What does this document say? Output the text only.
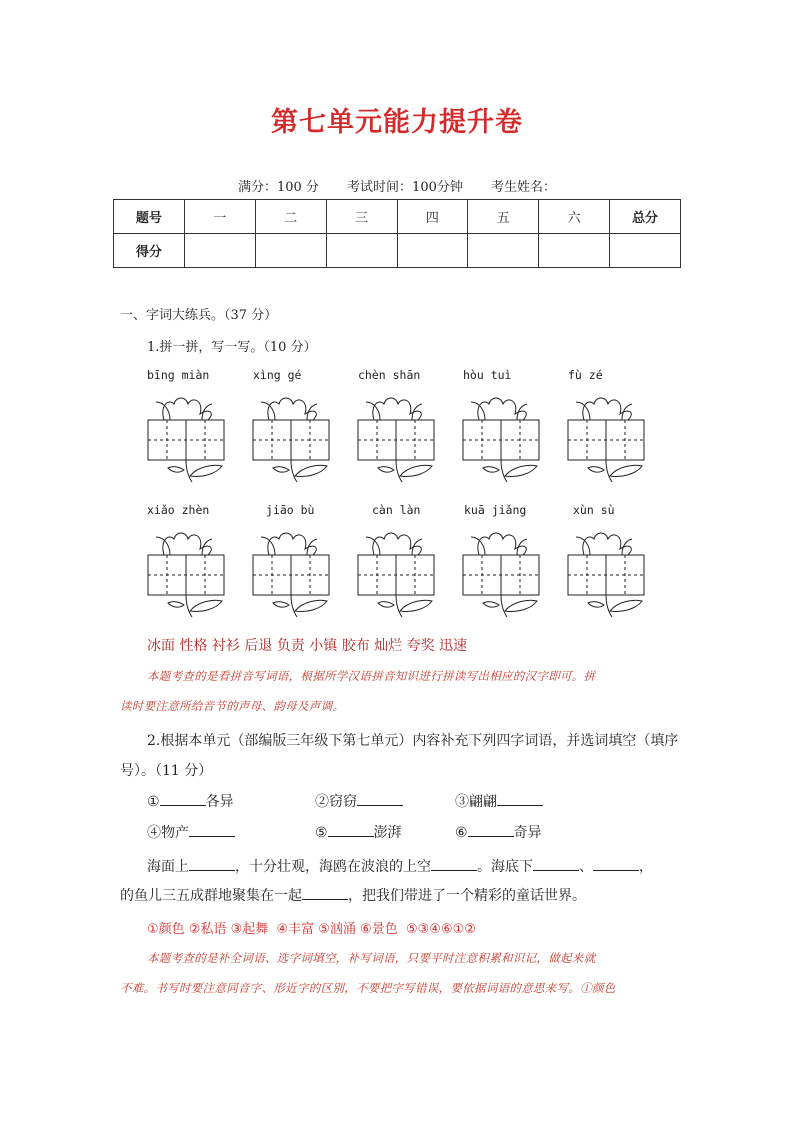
第七单元能力提升卷
满分：100 分 考试时间：100分钟 考生姓名：
题号	一	二	三	四	五	六	总分
得分							
一、字词大练兵。（37 分）
1.拼一拼，写一写。（10 分）
bīng miàn	xìng gé	chèn shān	hòu tuì	fù zé
xiǎo zhèn	jiāo bù	càn làn	kuā jiǎng	xùn sù
冰面 性格 衬衫 后退 负责 小镇 胶布 灿烂 夸奖 迅速
本题考查的是看拼音写词语，根据所学汉语拼音知识进行拼读写出相应的汉字即可。拼
读时要注意所给音节的声母、韵母及声调。
2.根据本单元（部编版三年级下第七单元）内容补充下列四字词语，并选词填空（填序
号）。（11 分）
①	各异	②窃窃	③翩翩
④物产	⑤	澎湃	⑥	奇异
海面上	，十分壮观，海鸥在波浪的上空	。海底下	、	，
的鱼儿三五成群地聚集在一起	，把我们带进了一个精彩的童话世界。
①颜色 ②私语 ③起舞  ④丰富 ⑤汹涌 ⑥景色  ⑤③④⑥①②
本题考查的是补全词语、选字词填空，补写词语，只要平时注意积累和识记，做起来就
不难。书写时要注意同音字、形近字的区别，不要把字写错误，要依据词语的意思来写。①颜色
